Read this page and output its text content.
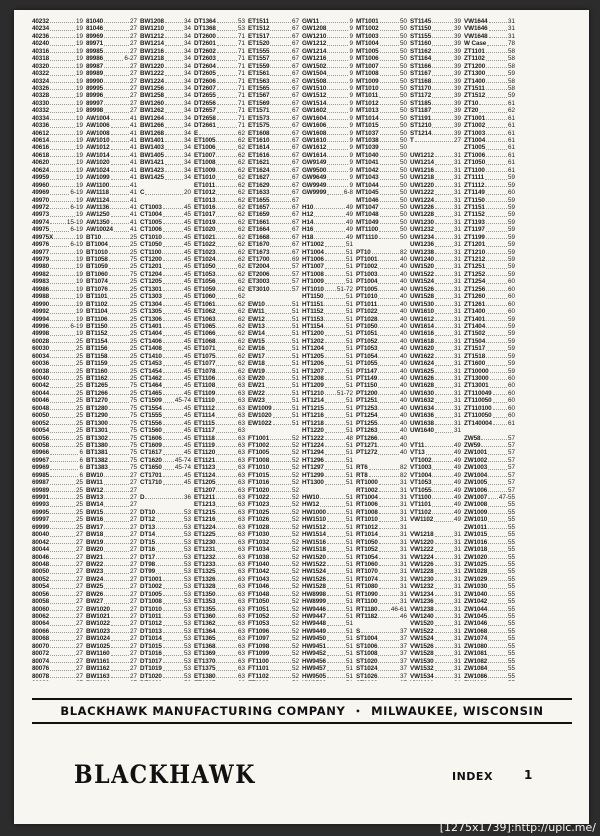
40232	19
40234	19
40236	19
40240	19
40316	19
40318	19
40320	19
40322	19
40324	19
40326	19
40328	19
40330	19
40332	19
40334	19
40336	19
40612	19
40614	19
40616	19
40618	19
40620	19
40624	19
49959	19
49960	19
49969	6-19
49970	19
49972	6-19
49973	19
49974	15-19
49975	6-19
49975X	19
49976	6-19
49977	19
49979	19
49980	19
49982	19
49983	19
49986	19
49988	19
49990	19
49992	19
49994	19
49996	6-19
49998	19
60028	25
60030	25
60034	25
60036	25
60038	25
60040	25
60042	25
60044	25
60046	25
60048	25
60050	25
60052	25
60054	25
60056	25
60058	25
69966	6
69967	6
69969	6
69985	6
69987	25
69989	25
69991	25
69993	25
69995	25
69997	25
69999	25
80040	27
80042	27
80044	27
80046	27
80048	27
80050	27
80052	27
80054	27
80056	27
80058	27
80060	27
80062	27
80064	27
80066	27
80068	27
80070	27
80072	27
80074	27
80076	27
80078	27
81040	27
81046	27
89969	27
89971	27
89985	27
89986	6-27
89987	27
89989	27
89990	27
89995	27
89996	27
89997	27
89998	27
AW1004	41
AW1006	41
AW1008	41
AW1010	41
AW1012	41
AW1014	41
AW1020	41
AW1024	41
AW1099	41
AW1100	41
AW1118	41
AW1124	41
AW1136	41
AW1250	41
AW1350	41
AW10024	41
BT10	25
BT1004	25
BT1010	25
BT1058	75
BT1059	25
BT1060	75
BT1074	25
BT1076	25
BT1101	25
BT1102	25
BT1104	25
BT1106	25
BT1150	25
BT1152	25
BT1154	25
BT1156	25
BT1158	25
BT1159	25
BT1160	25
BT1162	25
BT1265	75
BT1266	25
BT1270	75
BT1280	75
BT1290	75
BT1300	75
BT1301	75
BT1302	75
BT1380	75
BT1381	75
BT1382	75
BT1383	75
BW10	27
BW11	27
BW12	27
BW13	27
BW14	27
BW15	27
BW16	27
BW17	27
BW18	27
BW19	27
BW20	27
BW21	27
BW22	27
BW23	27
BW24	27
BW25	27
BW26	27
BW27	27
BW1020	27
BW1021	27
BW1022	27
BW1023	27
BW1024	27
BW1025	27
BW1160	27
BW1161	27
BW1162	27
BW1163	27
BW1208	34
BW1210	34
BW1212	34
BW1214	34
BW1216	34
BW1218	34
BW1220	34
BW1222	34
BW1224	34
BW1256	34
BW1258	34
BW1260	34
BW1262	34
BW1264	34
BW1266	34
BW1268	34
BW1401	34
BW1403	34
BW1405	34
BW1421	34
BW1423	34
BW1425	34
C	20
CT1003	45
CT1004	45
CT1005	45
CT1006	45
CT1010	45
CT1050	45
CT1100	45
CT1200	45
CT1201	45
CT1204	45
CT1205	45
CT1301	45
CT1303	45
CT1304	45
CT1305	45
CT1306	45
CT1401	45
CT1404	45
CT1406	45
CT1408	45
CT1410	45
CT1453	45
CT1454	45
CT1462	45
CT1464	45
CT1465	45
CT1509 45-74
CT1554	45
CT1555	45
CT1556	45
CT1560	45
CT1606	45
CT1609	45
CT1617	45
CT1620 45-74
CT1650 45-74
CT1701	45
CT1710	45
D	36
DT10	53
DT12	53
DT13	53
DT14	53
DT15	53
DT16	53
DT17	53
DT98	53
DT99	53
DT1001	53
DT1002	53
DT1005	53
DT1008	53
DT1010	53
DT1011	53
DT1012	53
DT1013	53
DT1014	53
DT1015	53
DT1016	53
DT1017	53
DT1019	53
DT1020	53
DT1364	53
DT1368	53
DT2600	71
DT2601	71
DT2602	71
DT2603	71
DT2604	71
DT2605	71
DT2606	71
DT2607	71
DT2655	71
DT2656	71
DT2657	71
DT2658	71
DT2661	71
E	62
ET1005	62
ET1006	62
ET1007	62
ET1008	62
ET1009	62
ET1010	62
ET1011	62
ET1012	62
ET1013	62
ET1016	62
ET1017	62
ET1019	62
ET1020	62
ET1021	62
ET1022	62
ET1023	62
ET1024	62
ET1050	62
ET1053	62
ET1056	62
ET1059	62
ET1060	62
ET1061	62
ET1062	62
ET1063	62
ET1065	62
ET1066	62
ET1068	62
ET1071	62
ET1075	62
ET1077	62
ET1078	62
ET1106	63
ET1108	63
ET1109	63
ET1110	63
ET1112	63
ET1114	63
ET1115	63
ET1117	63
ET1118	63
ET1119	63
ET1120	63
ET1121	63
ET1123	63
ET1124	63
ET1205	63
ET1207	63
ET1211	63
ET1213	63
ET1215	63
ET1216	63
ET1224	63
ET1225	63
ET1230	63
ET1231	63
ET1232	63
ET1233	63
ET1325	63
ET1326	63
ET1328	63
ET1350	63
ET1353	63
ET1355	63
ET1360	63
ET1362	63
ET1364	63
ET1365	63
ET1368	63
ET1369	63
ET1370	63
ET1375	63
ET1380	63
ET1511	67
ET1512	67
ET1517	67
ET1520	67
ET1555	67
ET1557	67
ET1559	67
ET1561	67
ET1563	67
ET1565	67
ET1567	67
ET1569	67
ET1571	67
ET1573	67
ET1575	67
ET1608	67
ET1610	67
ET1614	67
ET1616	67
ET1621	67
ET1624	67
ET1627	67
ET1629	67
ET1633	67
ET1655	67
ET1657	67
ET1659	67
ET1661	67
ET1664	67
ET1668	67
ET1670	67
ET1673	67
ET1700	69
ET2004	57
ET2006	57
ET3003	57
ET3010	57
EW10	51
EW11	51
EW12	51
EW13	51
EW14	51
EW15	51
EW16	51
EW17	51
EW18	51
EW19	51
EW20	51
EW21	51
EW22	51
EW23	51
EW1009	51
EW1020	51
EW1022	51
FT1001	52
FT1002	52
FT1005	52
FT1008	52
FT1010	52
FT1015	52
FT1016	52
FT1020	52
FT1022	52
FT1023	52
FT1025	52
FT1026	52
FT1028	52
FT1030	52
FT1032	52
FT1034	52
FT1038	52
FT1040	52
FT1042	52
FT1043	52
FT1046	52
FT1048	52
FT1050	52
FT1051	52
FT1052	52
FT1053	52
FT1096	52
FT1097	52
FT1098	52
FT1099	52
FT1100	52
FT1101	52
FT1102	52
GW11	9
GW1208	9
GW1210	9
GW1212	9
GW1214	9
GW1216	9
GW1502	9
GW1504	9
GW1508	9
GW1510	9
GW1512	9
GW1514	9
GW1602	9
GW1604	9
GW1606	9
GW1608	9
GW1610	9
GW1612	9
GW1614	9
GW9149	9
GW9500	9
GW9649	9
GW9949	9
GW9999	6-8
H10	49
H12	49
H14	49
H16	49
H18	49
HT1002	51
HT1004	51
HT1006	51
HT1007	51
HT1008	51
HT1009	51
HT1010 51-72
HT1150	51
HT1151	51
HT1152	51
HT1153	51
HT1154	51
HT1200	51
HT1202	51
HT1204	51
HT1205	51
HT1206	51
HT1207	51
HT1208	51
HT1209	51
HT1210 51-72
HT1214	51
HT1215	51
HT1216	51
HT1218	51
HT1220	51
HT1222	48
HT1224	51
HT1294	51
HT1296	51
HT1297	51
HT1299	51
HT1300	51
HW10	51
HW12	51
HW1000	51
HW1510	51
HW1512	51
HW1514	51
HW1516	51
HW1518	51
HW1520	51
HW1522	51
HW1524	51
HW1526	51
HW1528	51
HW8998	51
HW8999	51
HW9446	51
HW9447	51
HW9448	51
HW9449	51
HW9450	51
HW9451	51
HW9452	51
HW9456	51
HW9457	51
HW9505	51
MT1001	50
MT1002	50
MT1003	50
MT1004	50
MT1005	50
MT1006	50
MT1007	50
MT1008	50
MT1009	50
MT1010	50
MT1011	50
MT1012	50
MT1013	50
MT1014	50
MT1015	50
MT1037	50
MT1038	50
MT1039	50
MT1040	50
MT1041	50
MT1042	50
MT1043	50
MT1044	50
MT1045	50
MT1046	50
MT1047	50
MT1048	50
MT1049	50
MT1100	50
MT1110	50
PT10	82
PT1001	40
PT1002	40
PT1003	40
PT1004	40
PT1005	40
PT1010	40
PT1011	40
PT1022	40
PT1028	40
PT1050	40
PT1051	40
PT1052	40
PT1053	40
PT1054	40
PT1055	40
PT1147	40
PT1149	40
PT1150	40
PT1200	40
PT1251	40
PT1253	40
PT1254	40
PT1255	40
PT1263	40
PT1266	40
PT1271	40
PT1272	40
RT6	82
RT8	82
RT1000	31
RT1002	31
RT1004	31
RT1006	31
RT1008	31
RT1010	31
RT1012	31
RT1014	31
RT1050	31
RT1052	31
RT1054	31
RT1060	31
RT1070	31
RT1074	31
RT1080	31
RT1090	31
RT1100	31
RT1180 46-61
RT1182	46
S	37
ST1004	37
ST1006	37
ST1008	37
ST1020	37
ST1024	37
ST1026	37
ST1145	39
ST1150	39
ST1155	39
ST1160	39
ST1162	39
ST1164	39
ST1166	39
ST1167	39
ST1168	39
ST1170	39
ST1172	39
ST1185	39
ST1187	39
ST1191	39
ST1210	39
ST1214	39
T	27
UW1212	31
UW1214	31
UW1216	31
UW1218	31
UW1220	31
UW1222	31
UW1224	31
UW1226	31
UW1228	31
UW1230	31
UW1232	31
UW1234	31
UW1236	31
UW1238	31
UW1240	31
UW1520	31
UW1522	31
UW1524	31
UW1526	31
UW1528	31
UW1530	31
UW1610	31
UW1612	31
UW1614	31
UW1616	31
UW1618	31
UW1620	31
UW1622	31
UW1624	31
UW1625	31
UW1626	31
UW1628	31
UW1630	31
UW1632	31
UW1634	31
UW1636	31
UW1638	31
UW1640	31
VT11	49
VT13	49
VT1002	49
VT1003	49
VT1004	49
VT1053	49
VT1055	49
VT1100	49
VT1101	49
VT1102	49
VW1102	49
VW1218	31
VW1220	31
VW1222	31
VW1224	31
VW1226	31
VW1228	31
VW1230	31
VW1232	31
VW1234	31
VW1236	31
VW1238	31
VW1240	31
VW1520	31
VW1522	31
VW1524	31
VW1526	31
VW1528	31
VW1530	31
VW1532	31
VW1534	31
VW1644	31
VW1646	31
VW1648	31
W Case	78
ZT1101	58
ZT1102	58
ZT1200	58
ZT1300	59
ZT1400	58
ZT1511	58
ZT1512	59
ZT10	61
ZT20	62
ZT1001	61
ZT1002	61
ZT1003	61
ZT1004	61
ZT1005	61
ZT1006	61
ZT1050	61
ZT1100	61
ZT1111	59
ZT1112	59
ZT1149	60
ZT1150	59
ZT1151	59
ZT1152	59
ZT1193	59
ZT1197	59
ZT1199	59
ZT1201	59
ZT1210	59
ZT1212	59
ZT1251	59
ZT1252	59
ZT1254	60
ZT1256	60
ZT1260	60
ZT1261	60
ZT1400	60
ZT1401	59
ZT1404	59
ZT1502	59
ZT1504	59
ZT1517	59
ZT1518	59
ZT1600	59
ZT10000	59
ZT13000	60
ZT13001	60
ZT110049	60
ZT110050	60
ZT110100	60
ZT110050	60
ZT140004	61
ZW58	57
ZW59	57
ZW1001	57
ZW1002	57
ZW1003	57
ZW1004	57
ZW1005	57
ZW1006	57
ZW1007 47-55
ZW1008	55
ZW1009	55
ZW1010	55
ZW1011	55
ZW1015	55
ZW1016	55
ZW1018	55
ZW1020	55
ZW1025	55
ZW1028	55
ZW1029	55
ZW1030	55
ZW1040	55
ZW1042	55
ZW1044	55
ZW1045	55
ZW1046	55
ZW1068	55
ZW1074	55
ZW1080	55
ZW1081	55
ZW1082	55
ZW1084	55
ZW1086	55
BLACKHAWK MANUFACTURING COMPANY • MILWAUKEE, WISCONSIN
BLACKHAWK	INDEX	1
[1275x1739]:http://uplc.me/
